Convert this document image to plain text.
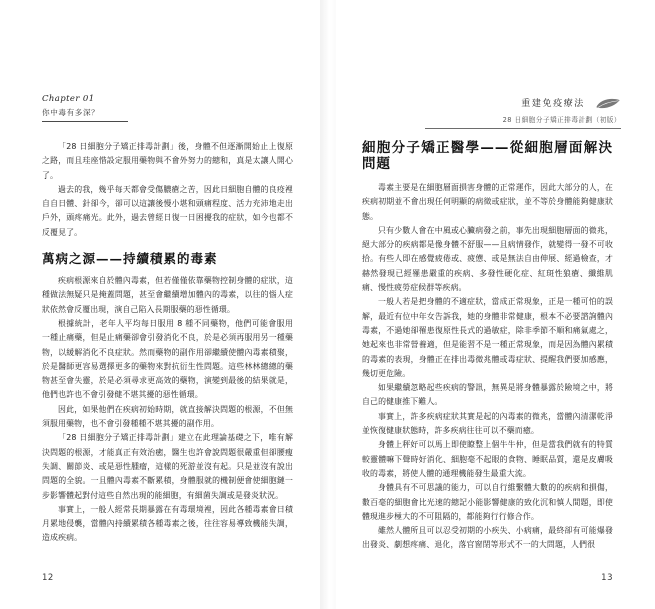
Chapter 01
你中毒有多深？

「28 日細胞分子矯正排毒計劃」後，身體不但逐漸開始止上復原之路，而且珪座惜設定服用藥物與不會外努力的總和，真是太讓人開心了。

過去的我，幾乎每天都會受傷膿瘡之苦，因此日細胞自體的良疫裡自自日體、針卻今，卻可以這讓後慢小堪和頭痛程度、活力充沛地走出戶外，頭疼痛光。此外，過去曾經日復一日困擾我的症狀，如今也都不反覆見了。

萬病之源——持續積累的毒素

疾病根源來自於體內毒素，但若僅僅依靠藥物控制身體的症狀，這種做法無疑只是掩蓋問題，甚至會繼續增加體內的毒素，以往的惱人症狀依然會反覆出現，演自己陷入長期服藥的惡性循環。

根據統計，老年人平均每日服用 8 種不同藥物，他們可能會服用一種止痛藥，但是止痛藥卻會引發消化不良，於是必須再服用另一種藥物，以緩解消化不良症狀。然而藥物的副作用卻繼續使體內毒素積聚，於是醫師更容易選擇更多的藥物來對抗衍生性問題。這些林林總總的藥物甚至會失靈，於是必須尋求更高效的藥物，演變到最後的結果就是，他們也許也不會引發健不堪其擾的惡性循環。

因此，如果他們在疾病初始時期，就直接解決問題的根源，不但無須服用藥物，也不會引發種種不堪其擾的副作用。

「28 日細胞分子矯正排毒計劃」建立在此理論基礎之下，唯有解決問題的根源，才能真正有效治癒，醫生也許會說問題很嚴重但卻腰瘦失調、關節炎、或是惡性腫瘤，這樣的死游並沒有起。只是並沒有說出問題的全貌。一且體內毒素不斷累積，身體服就的機制便會使細胞鏈一步影響體起對付這些自然出現的能細胞，有細菌失調或是發炎狀況。

事實上，一般人經常長期暴露在有毒環境裡，因此各種毒素會日積月累地侵襲，當體內持續累積各種毒素之後，往往容易導致機能失調，造成疾病。

12
重建免疫療法
28 日細胞分子矯正排毒計劃（初版）
細胞分子矯正醫學——從細胞層面解決問題

毒素主要是在細胞層面損害身體的正常運作，因此大部分的人，在疾病初期並不會出現任何明顯的病徵或症狀，並不等於身體能夠健康狀態。

只有少數人會在中風或心臟病發之前，事先出現細胞層面的微兆，絕大部分的疾病都是像身體不舒服——且病情發作，就變得一發不可收拾。有些人即在感覺疲倦或、疲憊、或是無法自由伸展、經過檢查，才赫然發現已經罹患嚴重的疾病、多發性硬化症、紅斑性狼瘡、纖維肌痛、慢性疲勞症候群等疾病。

一般人若是把身體的不適症狀，當成正常現象，正是一種可怕的誤解，最近有位中年女告訴我，她的身體非常健康，根本不必要諮詢體內毒素，不過她卻罹患復原性長式的過敏症，除非季節不順和痛氣處之，她起來也非常營養適，但是能習不是一種正常現象，而是因為體內累積的毒素的表現，身體正在排出毒微兆體或毒症狀、提醒我們要加感應，幾切更危險。

如果繼續忽略起些疾病的警訊，無異是將身體暴露於險境之中，將自己的健康推下難人。

事實上，許多疾病症狀其實是起的內毒素的微兆，當體內清潔乾淨並恢復健康狀態時，許多疾病往往可以不藥而癒。

身體上秤好可以馬上即使瞭整上個牛牛仲，但是當我們就有的特質較靈體嘛下聲時好消化、細胞毫不起眼的食物、睡眠品質，還是皮膚吸收的毒素，將使人體的通理機能發生最重大流。

身體具有不可思議的能力，可以自行維繫體大數的的疾病和損傷，數百毫的細胞會比光速的總記小能影響健康的致化沉和慎人間題，即使體現進步極大的不可阻隔的，都能夠行行修合作。

雖然人體所且可以忍受初期的小疾失、小病痛，最終卻有可能爆發出發炎、劇想疼痛、退化，落官窗閉等形式不一的大問題，人們很

13
